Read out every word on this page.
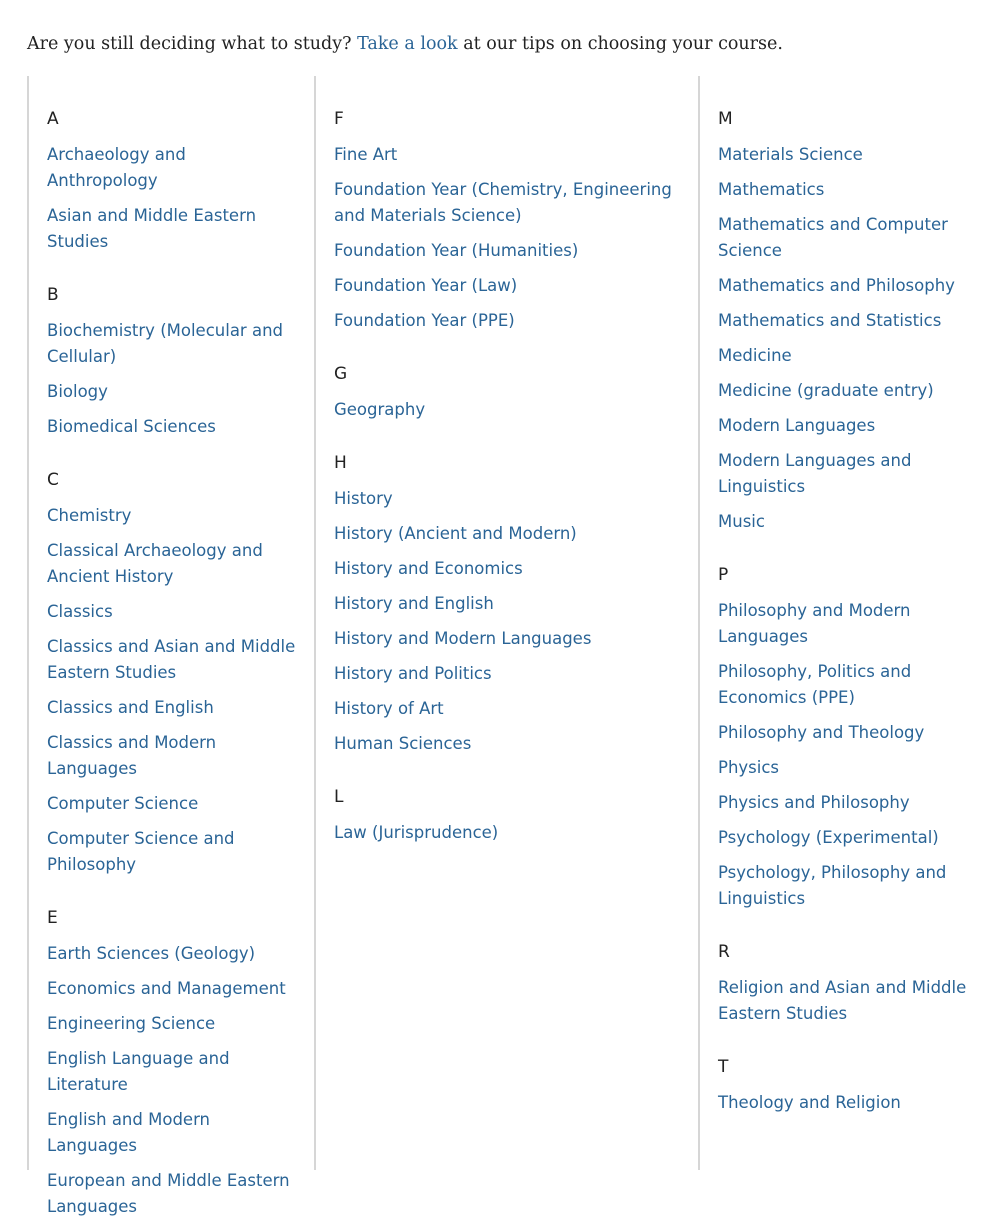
Are you still deciding what to study? Take a look at our tips on choosing your course.

A
Archaeology and Anthropology
Asian and Middle Eastern Studies
B
Biochemistry (Molecular and Cellular)
Biology
Biomedical Sciences
C
Chemistry
Classical Archaeology and Ancient History
Classics
Classics and Asian and Middle Eastern Studies
Classics and English
Classics and Modern Languages
Computer Science
Computer Science and Philosophy
E
Earth Sciences (Geology)
Economics and Management
Engineering Science
English Language and Literature
English and Modern Languages
European and Middle Eastern Languages
F
Fine Art
Foundation Year (Chemistry, Engineering and Materials Science)
Foundation Year (Humanities)
Foundation Year (Law)
Foundation Year (PPE)
G
Geography
H
History
History (Ancient and Modern)
History and Economics
History and English
History and Modern Languages
History and Politics
History of Art
Human Sciences
L
Law (Jurisprudence)
M
Materials Science
Mathematics
Mathematics and Computer Science
Mathematics and Philosophy
Mathematics and Statistics
Medicine
Medicine (graduate entry)
Modern Languages
Modern Languages and Linguistics
Music
P
Philosophy and Modern Languages
Philosophy, Politics and Economics (PPE)
Philosophy and Theology
Physics
Physics and Philosophy
Psychology (Experimental)
Psychology, Philosophy and Linguistics
R
Religion and Asian and Middle Eastern Studies
T
Theology and Religion
